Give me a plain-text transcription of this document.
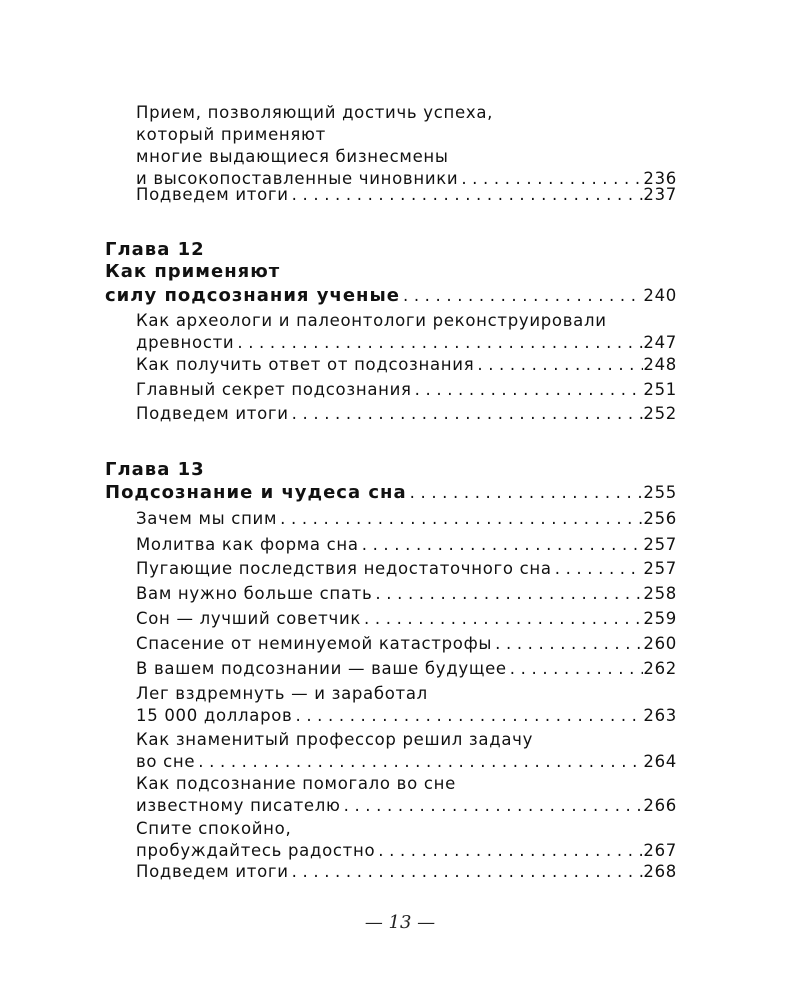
Прием, позволяющий достичь успеха,
который применяют
многие выдающиеся бизнесмены
и высокопоставленные чиновники .....	236
Подведем итоги .....	237
Глава 12
Как применяют
силу подсознания ученые .....	240
Как археологи и палеонтологи реконструировали
древности .....	247
Как получить ответ от подсознания .....	248
Главный секрет подсознания .....	251
Подведем итоги .....	252
Глава 13
Подсознание и чудеса сна .....	255
Зачем мы спим .....	256
Молитва как форма сна .....	257
Пугающие последствия недостаточного сна .....	257
Вам нужно больше спать .....	258
Сон — лучший советчик .....	259
Спасение от неминуемой катастрофы .....	260
В вашем подсознании — ваше будущее .....	262
Лег вздремнуть — и заработал
15 000 долларов .....	263
Как знаменитый профессор решил задачу
во сне .....	264
Как подсознание помогало во сне
известному писателю .....	266
Спите спокойно,
пробуждайтесь радостно .....	267
Подведем итоги .....	268
— 13 —
